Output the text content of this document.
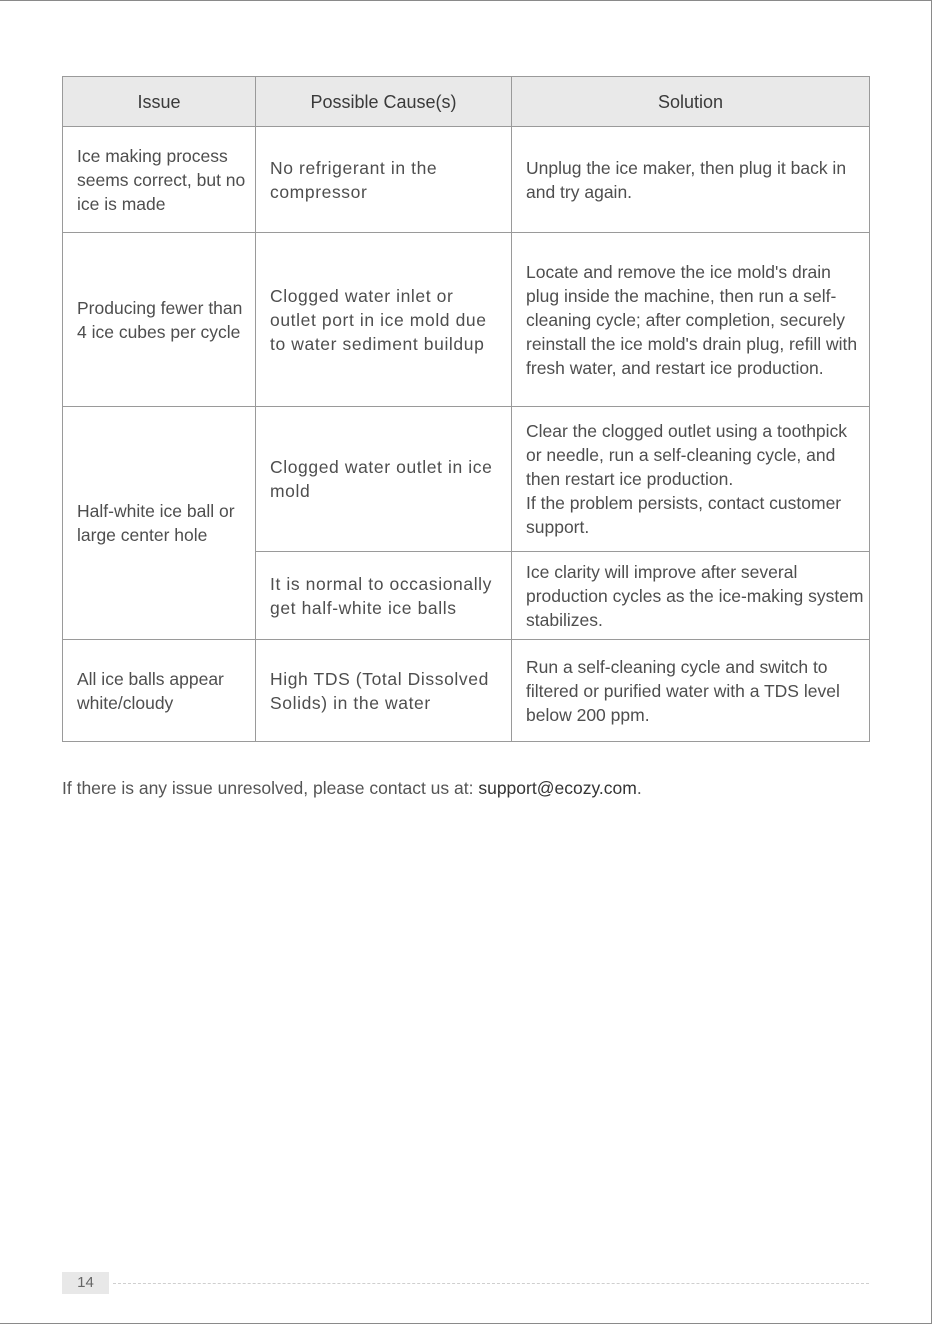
Issue	Possible Cause(s)	Solution
Ice making process seems correct, but no ice is made	No refrigerant in the compressor	Unplug the ice maker, then plug it back in and try again.
Producing fewer than 4 ice cubes per cycle	Clogged water inlet or outlet port in ice mold due to water sediment buildup	Locate and remove the ice mold's drain plug inside the machine, then run a self-cleaning cycle; after completion, securely reinstall the ice mold's drain plug, refill with fresh water, and restart ice production.
Half-white ice ball or large center hole	Clogged water outlet in ice mold	Clear the clogged outlet using a toothpick or needle, run a self-cleaning cycle, and then restart ice production.
If the problem persists, contact customer support.

	It is normal to occasionally get half-white ice balls	Ice clarity will improve after several production cycles as the ice-making system stabilizes.
All ice balls appear white/cloudy	High TDS (Total Dissolved Solids) in the water	Run a self-cleaning cycle and switch to filtered or purified water with a TDS level below 200 ppm.
If there is any issue unresolved, please contact us at: support@ecozy.com.
14
